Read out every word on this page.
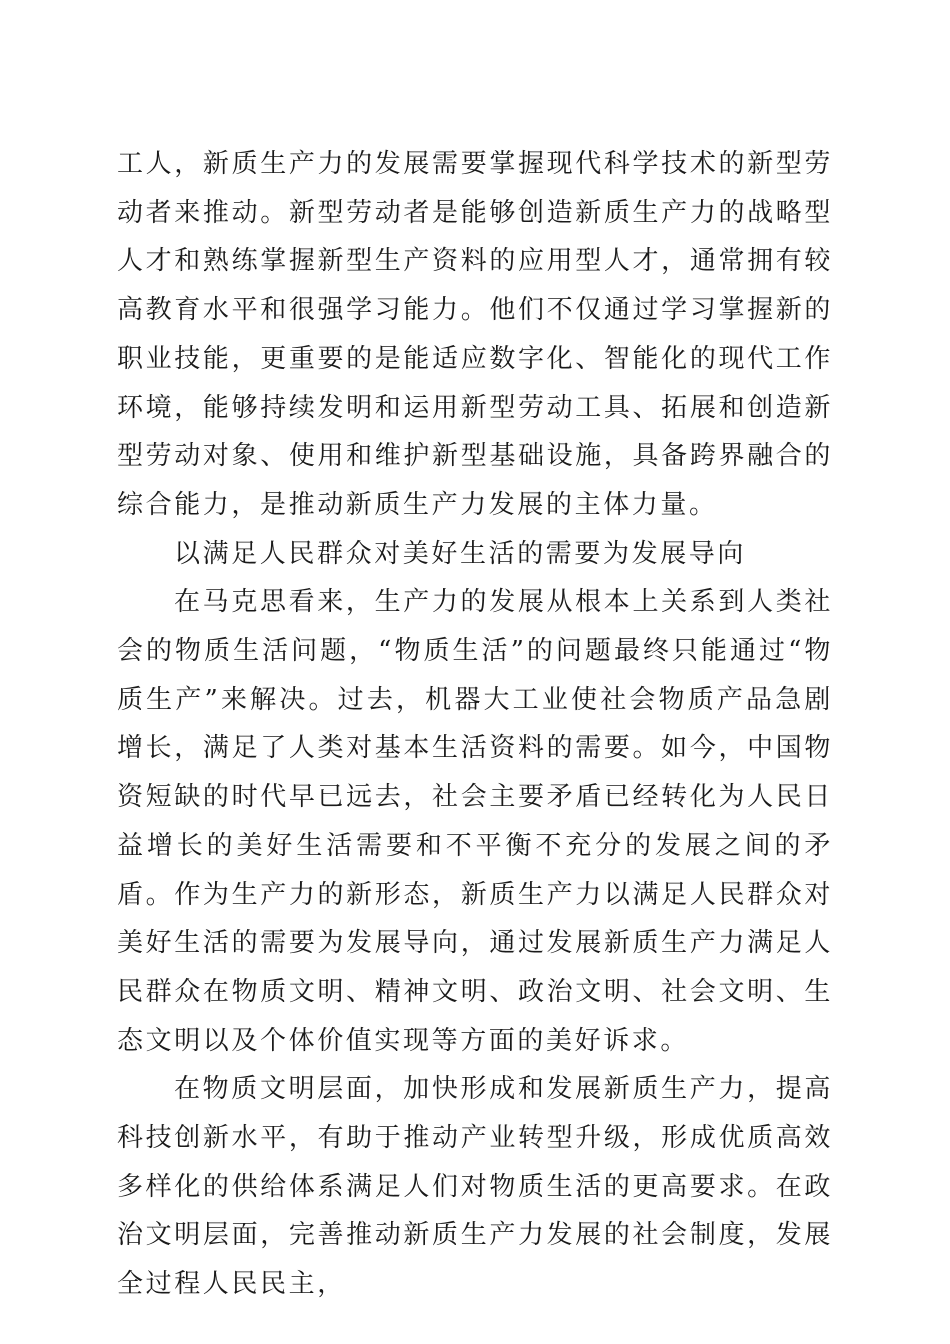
工人，新质生产力的发展需要掌握现代科学技术的新型劳动者来推动。新型劳动者是能够创造新质生产力的战略型人才和熟练掌握新型生产资料的应用型人才，通常拥有较高教育水平和很强学习能力。他们不仅通过学习掌握新的职业技能，更重要的是能适应数字化、智能化的现代工作环境，能够持续发明和运用新型劳动工具、拓展和创造新型劳动对象、使用和维护新型基础设施，具备跨界融合的综合能力，是推动新质生产力发展的主体力量。

以满足人民群众对美好生活的需要为发展导向

在马克思看来，生产力的发展从根本上关系到人类社会的物质生活问题，“物质生活”的问题最终只能通过“物质生产”来解决。过去，机器大工业使社会物质产品急剧增长，满足了人类对基本生活资料的需要。如今，中国物资短缺的时代早已远去，社会主要矛盾已经转化为人民日益增长的美好生活需要和不平衡不充分的发展之间的矛盾。作为生产力的新形态，新质生产力以满足人民群众对美好生活的需要为发展导向，通过发展新质生产力满足人民群众在物质文明、精神文明、政治文明、社会文明、生态文明以及个体价值实现等方面的美好诉求。

在物质文明层面，加快形成和发展新质生产力，提高科技创新水平，有助于推动产业转型升级，形成优质高效多样化的供给体系满足人们对物质生活的更高要求。在政治文明层面，完善推动新质生产力发展的社会制度，发展全过程人民民主，
